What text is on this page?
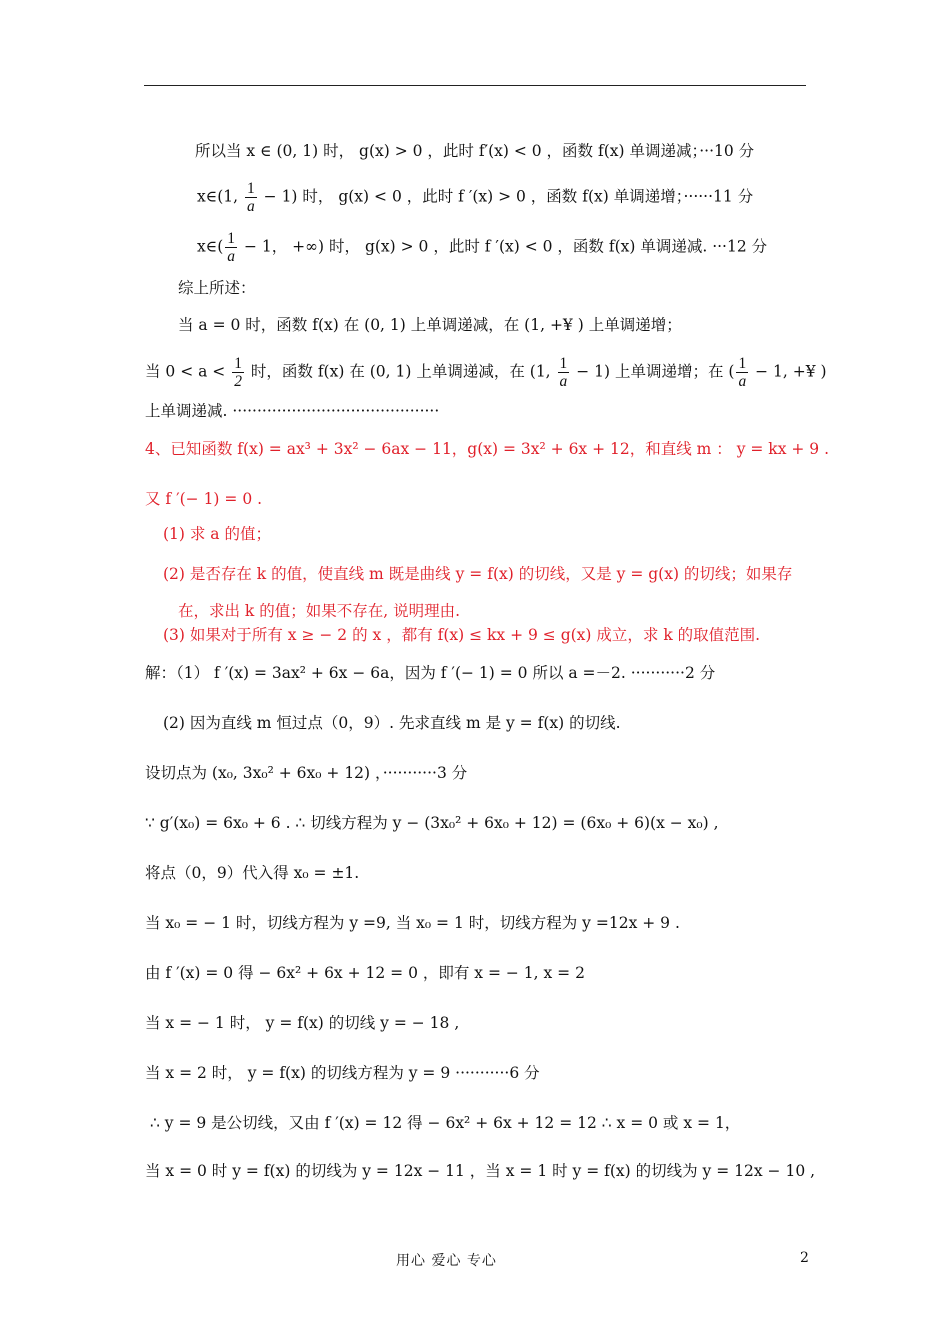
所以当 x ∈ (0, 1) 时， g(x) > 0 ，此时 f′(x) < 0 ，函数 f(x) 单调递减；···10 分
x∈(1, $\frac{1}{a} - 1$) 时， g(x) < 0 ，此时 f ′(x) > 0 ，函数 f(x) 单调递增；······11 分
x∈( $\frac{1}{a} - 1$， +∞) 时， g(x) > 0 ，此时 f ′(x) < 0 ，函数 f(x) 单调递减. ···12 分
综上所述：
当 a = 0 时，函数 f(x) 在 (0, 1) 上单调递减，在 (1, +¥ ) 上单调递增；
当 $0 < a < \frac{1}{2}$ 时，函数 f(x) 在 (0, 1) 上单调递减，在 (1, $\frac{1}{a} - 1$) 上单调递增；在 ( $\frac{1}{a} - 1$, +¥ )
上单调递减. ··········································
4、已知函数 f(x) = ax³ + 3x² − 6ax − 11，g(x) = 3x² + 6x + 12，和直线 m ： y = kx + 9 .
又 f ′(− 1) = 0 .
(1) 求 a 的值；
(2) 是否存在 k 的值，使直线 m 既是曲线 y = f(x) 的切线，又是 y = g(x) 的切线；如果存
在，求出 k 的值；如果不存在, 说明理由.
(3) 如果对于所有 x ≥ − 2 的 x ，都有 f(x) ≤ kx + 9 ≤ g(x) 成立，求 k 的取值范围.
解：（1） f ′(x) = 3ax² + 6x − 6a，因为 f ′(− 1) = 0 所以 a =－2. ···········2 分
(2) 因为直线 m 恒过点（0，9）. 先求直线 m 是 y = f(x) 的切线.
设切点为 (x₀, 3x₀² + 6x₀ + 12) ，···········3 分
∵ g′(x₀) = 6x₀ + 6 . ∴ 切线方程为 y − (3x₀² + 6x₀ + 12) = (6x₀ + 6)(x − x₀) ,
将点（0，9）代入得 x₀ = ±1.
当 x₀ = − 1 时，切线方程为 y =9, 当 x₀ = 1 时，切线方程为 y =12x + 9 .
由 f ′(x) = 0 得 − 6x² + 6x + 12 = 0 ，即有 x = − 1, x = 2
当 x = − 1 时， y = f(x) 的切线 y = − 18 ,
当 x = 2 时， y = f(x) 的切线方程为 y = 9 ···········6 分
∴ y = 9 是公切线，又由 f ′(x) = 12 得 − 6x² + 6x + 12 = 12 ∴ x = 0 或 x = 1，
当 x = 0 时 y = f(x) 的切线为 y = 12x − 11 ，当 x = 1 时 y = f(x) 的切线为 y = 12x − 10 ,
用心 爱心 专心	2
